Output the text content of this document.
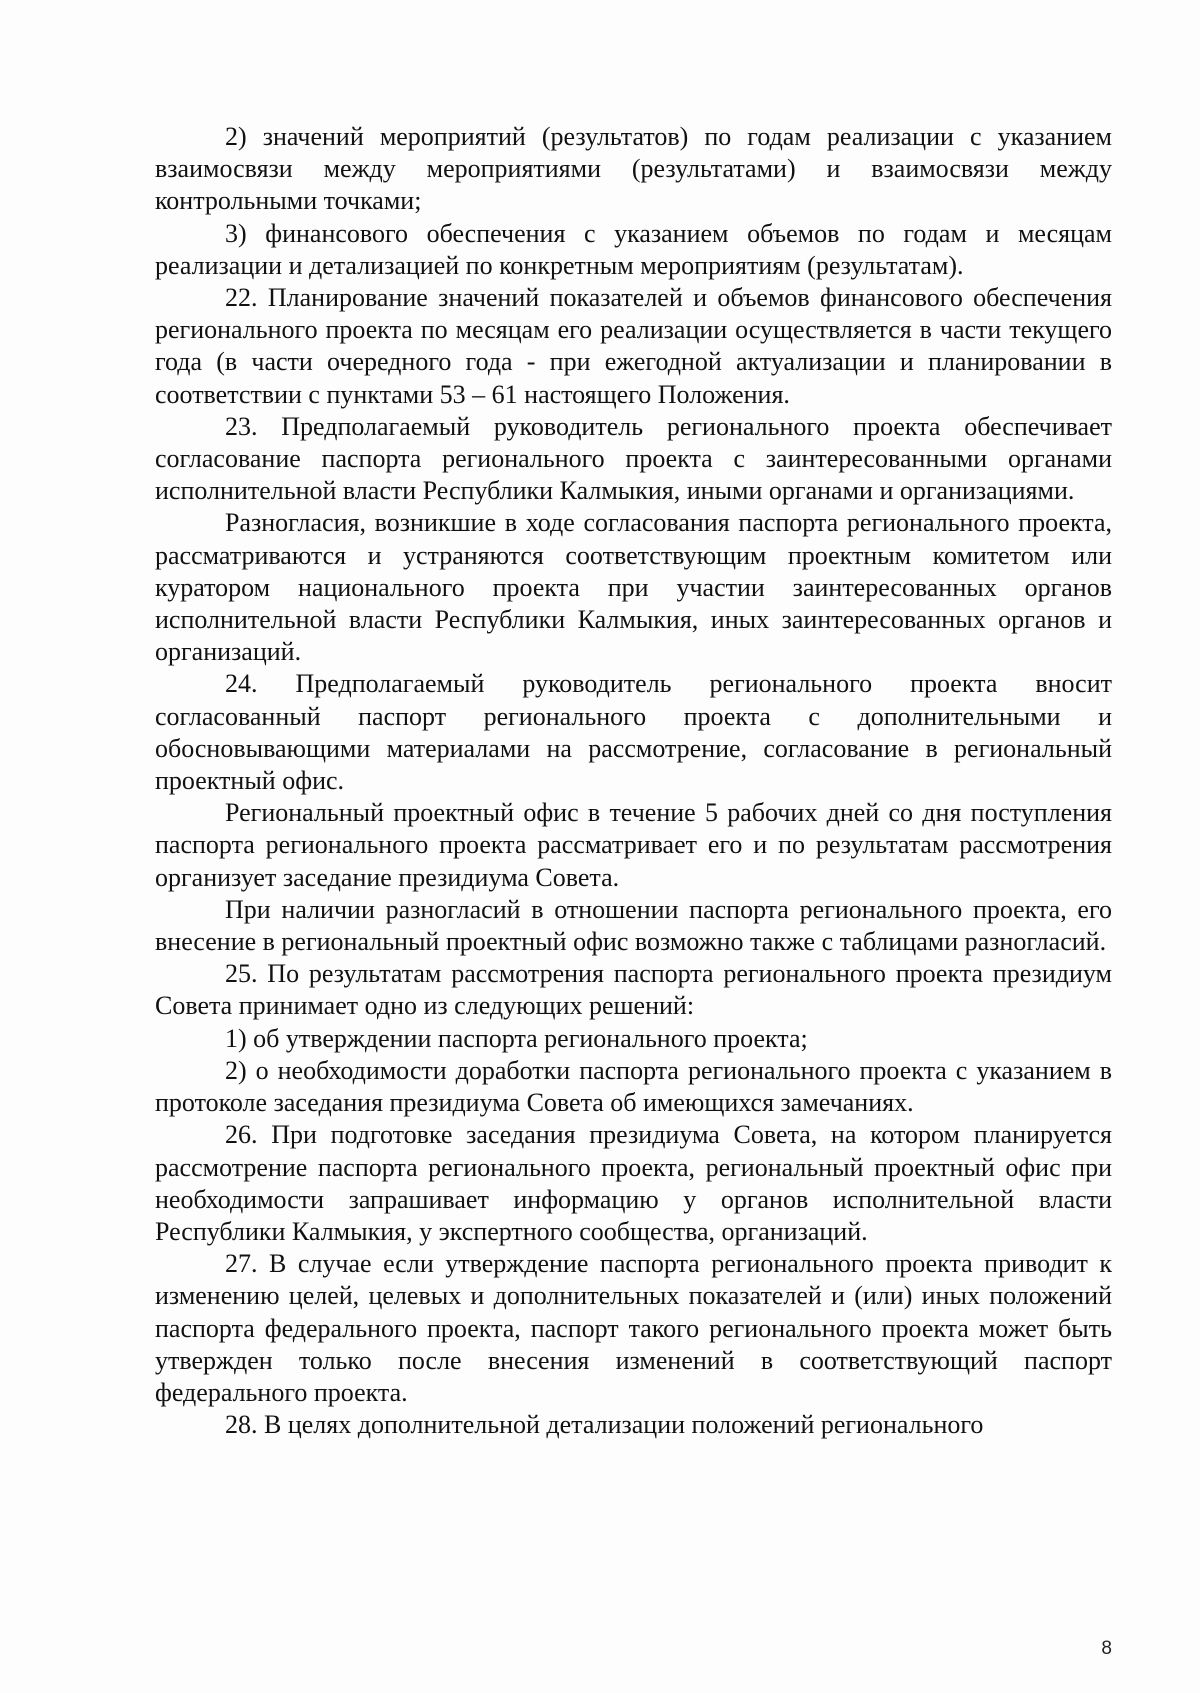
2) значений мероприятий (результатов) по годам реализации с указанием взаимосвязи между мероприятиями (результатами) и взаимосвязи между контрольными точками;

3) финансового обеспечения с указанием объемов по годам и месяцам реализации и детализацией по конкретным мероприятиям (результатам).

22. Планирование значений показателей и объемов финансового обеспечения регионального проекта по месяцам его реализации осуществляется в части текущего года (в части очередного года - при ежегодной актуализации и планировании в соответствии с пунктами 53 – 61 настоящего Положения.

23. Предполагаемый руководитель регионального проекта обеспечивает согласование паспорта регионального проекта с заинтересованными органами исполнительной власти Республики Калмыкия, иными органами и организациями.

Разногласия, возникшие в ходе согласования паспорта регионального проекта, рассматриваются и устраняются соответствующим проектным комитетом или куратором национального проекта при участии заинтересованных органов исполнительной власти Республики Калмыкия, иных заинтересованных органов и организаций.

24. Предполагаемый руководитель регионального проекта вносит согласованный паспорт регионального проекта с дополнительными и обосновывающими материалами на рассмотрение, согласование в региональный проектный офис.

Региональный проектный офис в течение 5 рабочих дней со дня поступления паспорта регионального проекта рассматривает его и по результатам рассмотрения организует заседание президиума Совета.

При наличии разногласий в отношении паспорта регионального проекта, его внесение в региональный проектный офис возможно также с таблицами разногласий.

25. По результатам рассмотрения паспорта регионального проекта президиум Совета принимает одно из следующих решений:

1) об утверждении паспорта регионального проекта;

2) о необходимости доработки паспорта регионального проекта с указанием в протоколе заседания президиума Совета об имеющихся замечаниях.

26. При подготовке заседания президиума Совета, на котором планируется рассмотрение паспорта регионального проекта, региональный проектный офис при необходимости запрашивает информацию у органов исполнительной власти Республики Калмыкия, у экспертного сообщества, организаций.

27. В случае если утверждение паспорта регионального проекта приводит к изменению целей, целевых и дополнительных показателей и (или) иных положений паспорта федерального проекта, паспорт такого регионального проекта может быть утвержден только после внесения изменений в соответствующий паспорт федерального проекта.

28. В целях дополнительной детализации положений регионального

8
